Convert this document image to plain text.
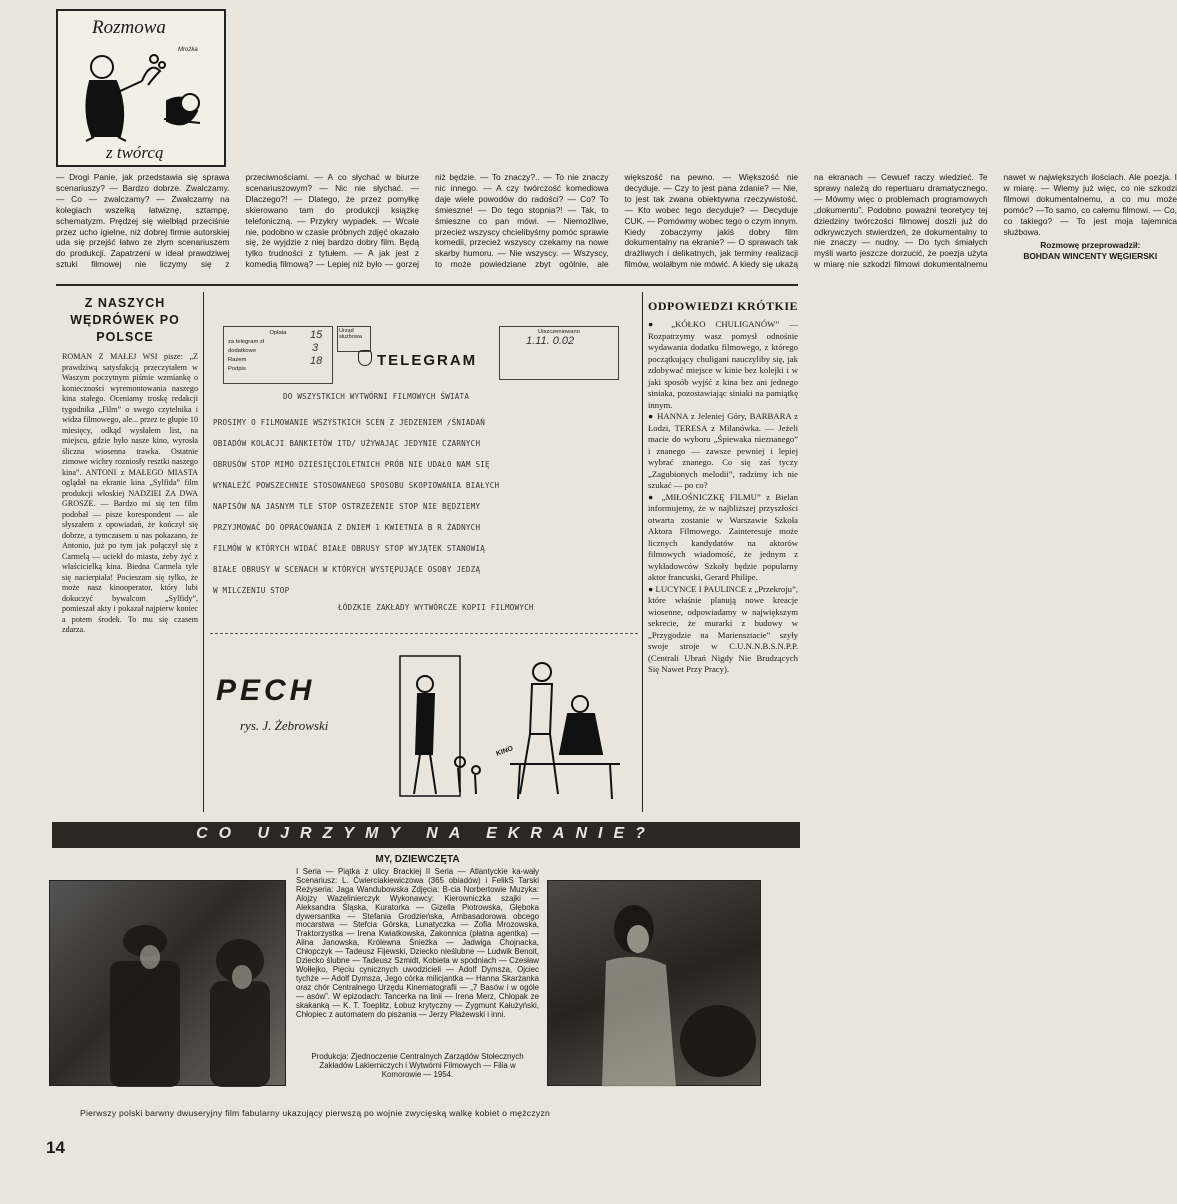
Rozmowa
Mrożka
z twórcą
— Drogi Panie, jak przedstawia się sprawa scenariuszy? — Bardzo dobrze. Zwalczamy. — Co — zwalczamy? — Zwalczamy na kolegiach wszelką łatwiznę, sztampę, schematyzm. Prędzej się wielbłąd przeciśnie przez ucho igielne, niż dobrej firmie autorskiej uda się przejść łatwo ze złym scenariuszem do produkcji. Zapatrzeni w ideał prawdziwej sztuki filmowej nie liczymy się z przeciwnościami. — A co słychać w biurze scenariuszowym? — Nic nie słychać. — Dlaczego?! — Dlatego, że przez pomyłkę skierowano tam do produkcji książkę telefoniczną. — Przykry wypadek. — Wcale nie, podobno w czasie próbnych zdjęć okazało się, że wyjdzie z niej bardzo dobry film. Będą tylko trudności z tytułem. — A jak jest z komedią filmową? — Lepiej niż było — gorzej niż będzie. — To znaczy?.. — To nie znaczy nic innego. — A czy twórczość komediowa daje wiele powodów do radości? — Co? To śmieszne! — Do tego stopnia?! — Tak, to śmieszne co pan mówi. — Niemożliwe, przecież wszyscy chcielibyśmy pomóc sprawie komedii, przecież wszyscy czekamy na nowe skarby humoru. — Nie wszyscy. — Wszyscy, to może powiedziane zbyt ogólnie, ale większość na pewno. — Większość nie decyduje. — Czy to jest pana zdanie? — Nie, to jest tak zwana obiektywna rzeczywistość. — Kto wobec tego decyduje? — Decyduje CUK. — Pomówmy wobec tego o czym innym. Kiedy zobaczymy jakiś dobry film dokumentalny na ekranie? — O sprawach tak drażliwych i delikatnych, jak terminy realizacji filmów, wolałbym nie mówić. A kiedy się ukażą na ekranach — Cewuef raczy wiedzieć. Te sprawy należą do repertuaru dramatycznego. — Mówmy więc o problemach programowych „dokumentu”. Podobno poważni teoretycy tej dziedziny twórczości filmowej doszli już do odkrywczych stwierdzeń, że dokumentalny to nie znaczy — nudny. — Do tych śmiałych myśli warto jeszcze dorzucić, że poezja użyta w miarę nie szkodzi filmowi dokumentalnemu nawet w największych ilościach. Ale poezja. I w miarę. — Wiemy już więc, co nie szkodzi filmowi dokumentalnemu, a co mu może pomóc? —To samo, co całemu filmowi. — Co, co takiego? — To jest moja tajemnica służbowa.
Rozmowę przeprowadził:
BOHDAN WINCENTY WĘGIERSKI
Z NASZYCH WĘDRÓWEK PO POLSCE
ROMAN Z MAŁEJ WSI pisze: „Z prawdziwą satysfakcją przeczytałem w Waszym poczytnym piśmie wzmiankę o konieczności wyremontowania naszego kina stałego. Oceniamy troskę redakcji tygodnika „Film” o swego czytelnika i widza filmowego, ale... przez te głupie 10 miesięcy, odkąd wysłałem list, na miejscu, gdzie było nasze kino, wyrosła śliczna wiosenna trawka. Ostatnie zimowe wichry rozniosły resztki naszego kina”. ANTONI z MAŁEGO MIASTA oglądał na ekranie kina „Sylfida” film produkcji włoskiej NADZIEI ZA DWA GROSZE. — Bardzo mi się ten film podobał — pisze korespondent — ale słyszałem z opowiadań, że kończył się dobrze, a tymczasem u nas pokazano, że Antonio, już po tym jak połączył się z Carmelą — uciekł do miasta, żeby żyć z właścicielką kina. Biedna Carmela tyle się nacierpiała! Pocieszam się tylko, że może nasz kinooperator, który lubi dokuczyć bywalcom „Sylfidy”, pomieszał akty i pokazał najpierw koniec a potem środek. To mu się czasem zdarza.
Opłata
za telegram zł
dodatkowe
Razem
Podpis
15
3
18
Urząd służbowa
TELEGRAM
Uiszczeniowano
1.11. 0.02
DO WSZYSTKICH WYTWÓRNI FILMOWYCH ŚWIATA
PROSIMY O FILMOWANIE WSZYSTKICH SCEN Z JEDZENIEM /ŚNIADAŃ
OBIADÓW KOLACJI BANKIETÓW ITD/ UŻYWAJĄC JEDYNIE CZARNYCH
OBRUSÓW STOP MIMO DZIESIĘCIOLETNICH PRÓB NIE UDAŁO NAM SIĘ
WYNALEŹĆ POWSZECHNIE STOSOWANEGO SPOSOBU SKOPIOWANIA BIAŁYCH
NAPISÓW NA JASNYM TLE STOP OSTRZEŻENIE STOP NIE BĘDZIEMY
PRZYJMOWAĆ DO OPRACOWANIA Z DNIEM 1 KWIETNIA B R ŻADNYCH
FILMÓW W KTÓRYCH WIDAĆ BIAŁE OBRUSY STOP WYJĄTEK STANOWIĄ
BIAŁE OBRUSY W SCENACH W KTÓRYCH WYSTĘPUJĄCE OSOBY JEDZĄ
W MILCZENIU STOP
ŁÓDZKIE ZAKŁADY WYTWÓRCZE KOPII FILMOWYCH
PECH
rys. J. Żebrowski
KINO
ODPOWIEDZI KRÓTKIE
● „KÓŁKO CHULIGANÓW” — Rozpatrzymy wasz pomysł odnośnie wydawania dodatku filmowego, z którego początkujący chuligani nauczyliby się, jak zdobywać miejsce w kinie bez kolejki i w jaki sposób wyjść z kina bez ani jednego siniaka, pozostawiając siniaki na pamiątkę innym.
● HANNA z Jeleniej Góry, BARBARA z Łodzi, TERESA z Milanówka. — Jeżeli macie do wyboru „Śpiewaka nieznanego” i znanego — zawsze pewniej i lepiej wybrać znanego. Co się zaś tyczy „Zagubionych melodii”, radzimy ich nie szukać — po co?
● „MIŁOŚNICZKĘ FILMU” z Bielan informujemy, że w najbliższej przyszłości otwarta zostanie w Warszawie Szkoła Aktora Filmowego. Zainteresuje może licznych kandydatów na aktorów filmowych wiadomość, że jednym z wykładowców Szkoły będzie popularny aktor francuski, Gerard Philipe.
● LUCYNCE I PAULINCE z „Przekroju”, które właśnie planują nowe kreacje wiosenne, odpowiadamy w największym sekrecie, że murarki z budowy w „Przygodzie na Mariensztacie” szyły swoje stroje w C.U.N.N.B.S.N.P.P. (Centrali Ubrań Nigdy Nie Brudzących Się Nawet Przy Pracy).
CO UJRZYMY NA EKRANIE?
MY, DZIEWCZĘTA
I Seria — Piątka z ulicy Brackiej II Seria — Atlantyckie ka-wały Scenariusz: L. Ćwierciakiewiczowa (365 obiadów) i FelikS Tarski Reżyseria: Jaga Wandubowska Zdjęcia: B-cia Norbertowie Muzyka: Alojzy Wazelinierczyk Wykonawcy: Kierowniczka szajki — Aleksandra Śląska, Kuratorka — Gizella Piotrowska, Głęboka dywersantka — Stefania Grodzieńska, Ambasadorowa obcego mocarstwa — Stefcia Górska, Lunatyczka — Zofia Mrozowska, Traktorzystka — Irena Kwiatkowska, Zakonnica (płatna agentka) — Alina Janowska, Królewna Śnieżka — Jadwiga Chojnacka, Chłopczyk — Tadeusz Fijewski, Dziecko nieślubne — Ludwik Benoit, Dziecko ślubne — Tadeusz Szmidt, Kobieta w spodniach — Czesław Wołłejko, Pięciu cynicznych uwodzicieli — Adolf Dymsza, Ojciec tychże — Adolf Dymsza, Jego córka milicjantka — Hanna Skarżanka oraz chór Centralnego Urzędu Kinematografii — „7 Basów i w ogóle — asów”. W epizodach: Tancerka na linii — Irena Merz, Chłopak ze skakanką — K. T. Toeplitz, Łobuz krytyczny — Zygmunt Kałużyński, Chłopiec z automatem do piszania — Jerzy Płażewski i inni.
Produkcja: Zjednoczenie Centralnych Zarządów Stołecznych Zakładów Lakierniczych i Wytwórni Filmowych — Filia w Komorowie — 1954.
Pierwszy polski barwny dwuseryjny film fabularny ukazujący pierwszą po wojnie zwycięską walkę kobiet o mężczyzn
14
